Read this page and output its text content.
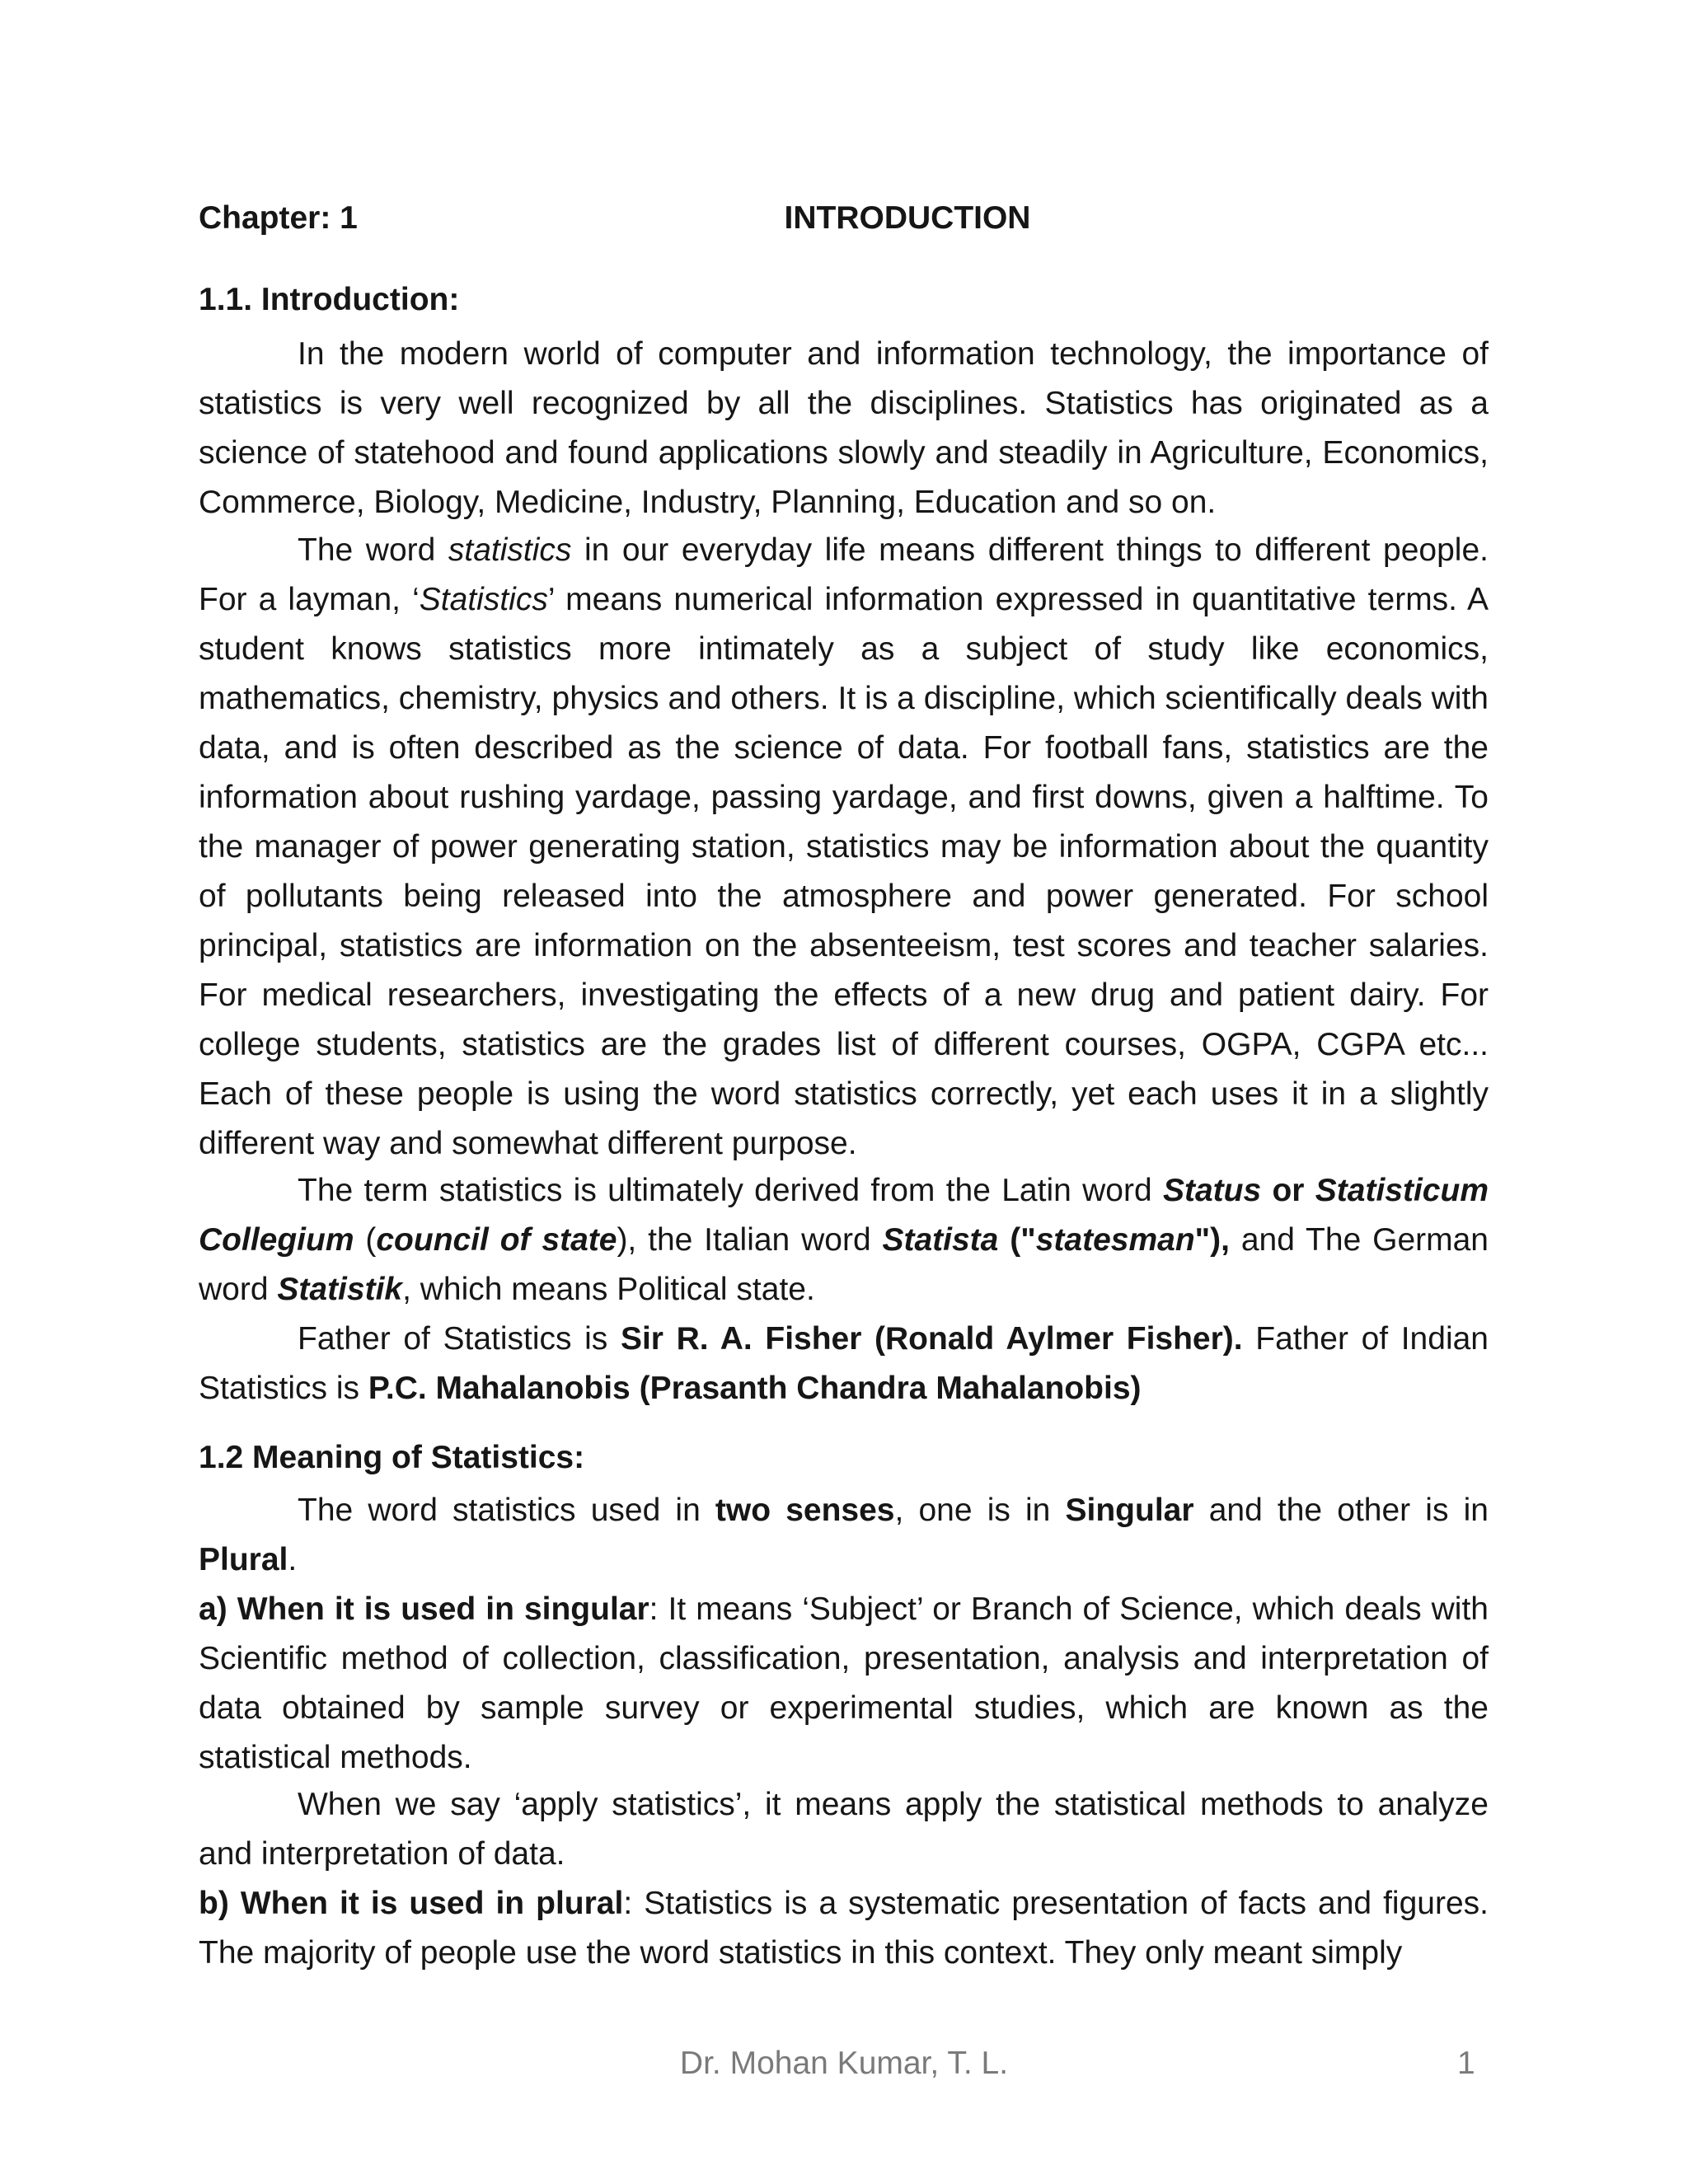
Chapter: 1	INTRODUCTION
1.1. Introduction:

In the modern world of computer and information technology, the importance of statistics is very well recognized by all the disciplines. Statistics has originated as a science of statehood and found applications slowly and steadily in Agriculture, Economics, Commerce, Biology, Medicine, Industry, Planning, Education and so on.

The word statistics in our everyday life means different things to different people. For a layman, ‘Statistics’ means numerical information expressed in quantitative terms. A student knows statistics more intimately as a subject of study like economics, mathematics, chemistry, physics and others. It is a discipline, which scientifically deals with data, and is often described as the science of data. For football fans, statistics are the information about rushing yardage, passing yardage, and first downs, given a halftime. To the manager of power generating station, statistics may be information about the quantity of pollutants being released into the atmosphere and power generated. For school principal, statistics are information on the absenteeism, test scores and teacher salaries. For medical researchers, investigating the effects of a new drug and patient dairy. For college students, statistics are the grades list of different courses, OGPA, CGPA etc... Each of these people is using the word statistics correctly, yet each uses it in a slightly different way and somewhat different purpose.

The term statistics is ultimately derived from the Latin word Status or Statisticum Collegium (council of state), the Italian word Statista ("statesman"), and The German word Statistik, which means Political state.

Father of Statistics is Sir R. A. Fisher (Ronald Aylmer Fisher). Father of Indian Statistics is P.C. Mahalanobis (Prasanth Chandra Mahalanobis)

1.2 Meaning of Statistics:

The word statistics used in two senses, one is in Singular and the other is in Plural.

a) When it is used in singular: It means ‘Subject’ or Branch of Science, which deals with Scientific method of collection, classification, presentation, analysis and interpretation of data obtained by sample survey or experimental studies, which are known as the statistical methods.

When we say ‘apply statistics’, it means apply the statistical methods to analyze and interpretation of data.

b) When it is used in plural: Statistics is a systematic presentation of facts and figures. The majority of people use the word statistics in this context. They only meant simply

Dr. Mohan Kumar, T. L.	1
